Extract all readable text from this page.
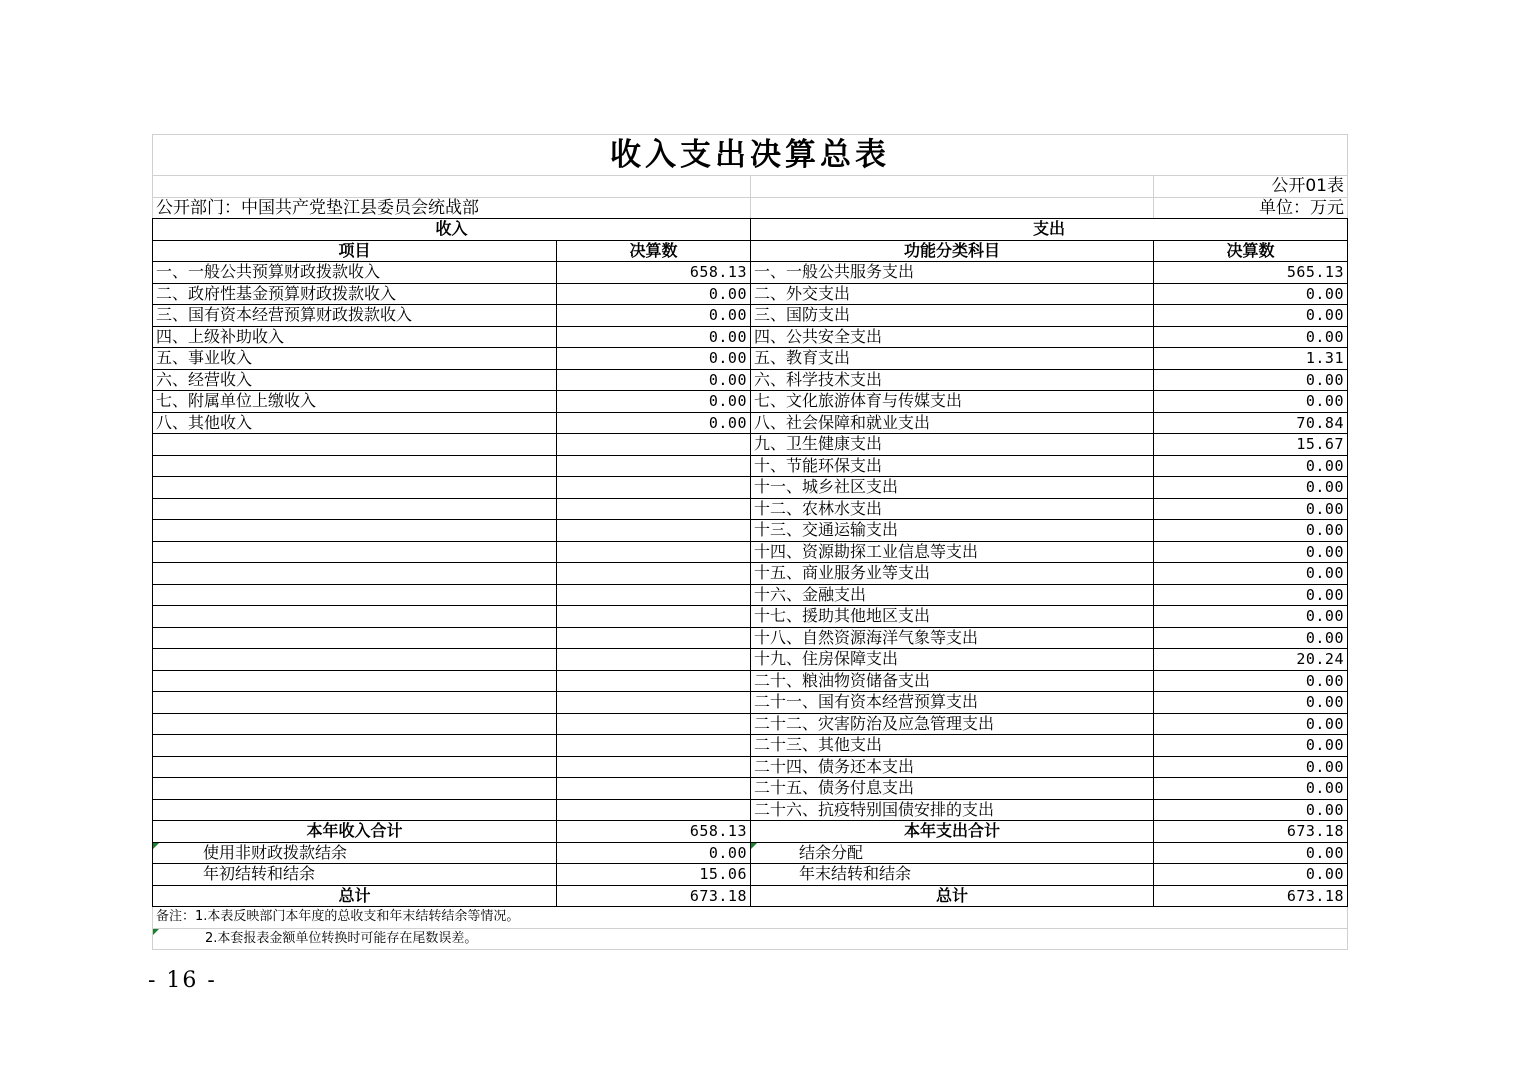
收入支出决算总表			
			公开01表
公开部门：中国共产党垫江县委员会统战部			单位：万元
收入		支出	
项目	决算数	功能分类科目	决算数
一、一般公共预算财政拨款收入	658.13	一、一般公共服务支出	565.13
二、政府性基金预算财政拨款收入	0.00	二、外交支出	0.00
三、国有资本经营预算财政拨款收入	0.00	三、国防支出	0.00
四、上级补助收入	0.00	四、公共安全支出	0.00
五、事业收入	0.00	五、教育支出	1.31
六、经营收入	0.00	六、科学技术支出	0.00
七、附属单位上缴收入	0.00	七、文化旅游体育与传媒支出	0.00
八、其他收入	0.00	八、社会保障和就业支出	70.84
		九、卫生健康支出	15.67
		十、节能环保支出	0.00
		十一、城乡社区支出	0.00
		十二、农林水支出	0.00
		十三、交通运输支出	0.00
		十四、资源勘探工业信息等支出	0.00
		十五、商业服务业等支出	0.00
		十六、金融支出	0.00
		十七、援助其他地区支出	0.00
		十八、自然资源海洋气象等支出	0.00
		十九、住房保障支出	20.24
		二十、粮油物资储备支出	0.00
		二十一、国有资本经营预算支出	0.00
		二十二、灾害防治及应急管理支出	0.00
		二十三、其他支出	0.00
		二十四、债务还本支出	0.00
		二十五、债务付息支出	0.00
		二十六、抗疫特别国债安排的支出	0.00
本年收入合计	658.13	本年支出合计	673.18
使用非财政拨款结余	0.00	结余分配	0.00
年初结转和结余	15.06	年末结转和结余	0.00
总计	673.18	总计	673.18
备注：1.本表反映部门本年度的总收支和年末结转结余等情况。			
2.本套报表金额单位转换时可能存在尾数误差。			
- 16 -
